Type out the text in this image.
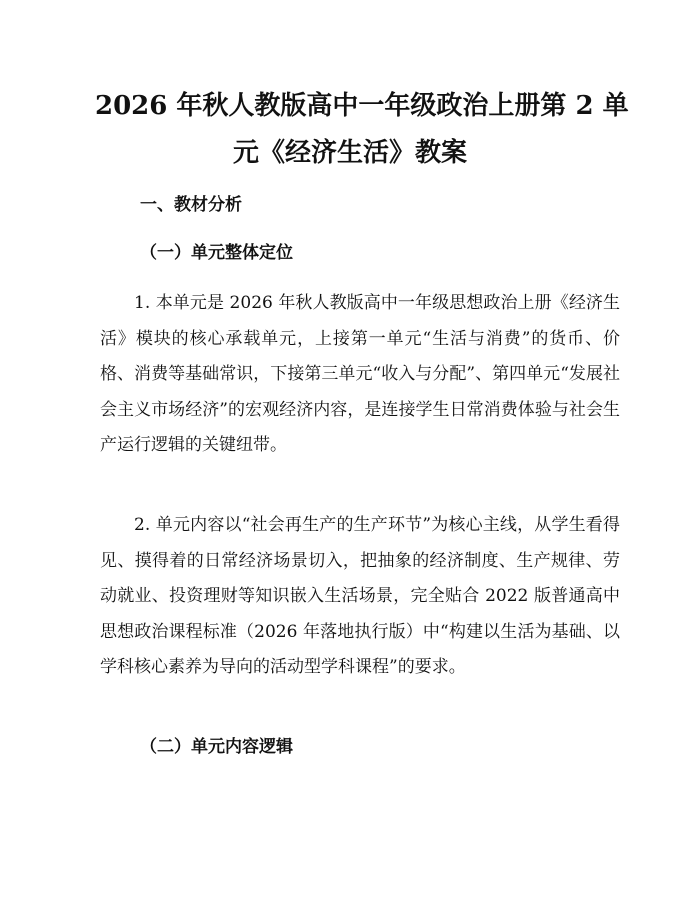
2026 年秋人教版高中一年级政治上册第 2 单
元《经济生活》教案
一、教材分析
（一）单元整体定位

1. 本单元是 2026 年秋人教版高中一年级思想政治上册《经济生活》模块的核心承载单元，上接第一单元“生活与消费”的货币、价格、消费等基础常识，下接第三单元“收入与分配”、第四单元“发展社会主义市场经济”的宏观经济内容，是连接学生日常消费体验与社会生产运行逻辑的关键纽带。

2. 单元内容以“社会再生产的生产环节”为核心主线，从学生看得见、摸得着的日常经济场景切入，把抽象的经济制度、生产规律、劳动就业、投资理财等知识嵌入生活场景，完全贴合 2022 版普通高中思想政治课程标准（2026 年落地执行版）中“构建以生活为基础、以学科核心素养为导向的活动型学科课程”的要求。

（二）单元内容逻辑
